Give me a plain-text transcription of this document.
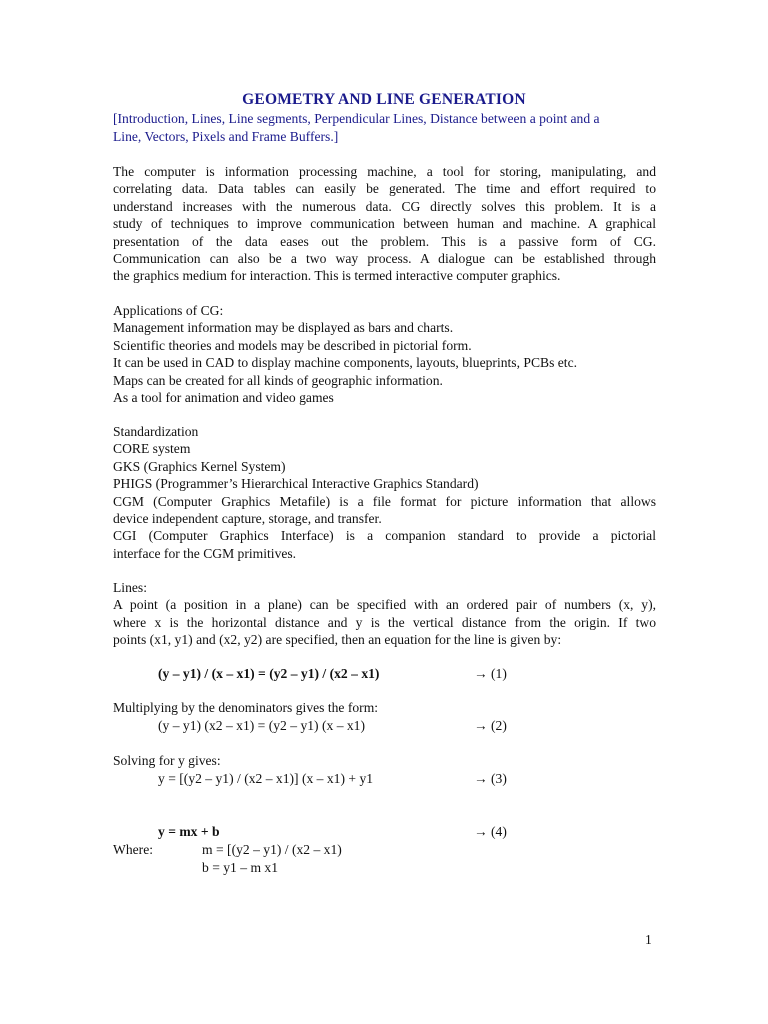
GEOMETRY AND LINE GENERATION
[Introduction, Lines, Line segments, Perpendicular Lines, Distance between a point and a
Line, Vectors, Pixels and Frame Buffers.]
The computer is information processing machine, a tool for storing, manipulating, and
correlating data. Data tables can easily be generated. The time and effort required to
understand increases with the numerous data. CG directly solves this problem. It is a
study of techniques to improve communication between human and machine. A graphical
presentation of the data eases out the problem. This is a passive form of CG.
Communication can also be a two way process. A dialogue can be established through
the graphics medium for interaction. This is termed interactive computer graphics.
Applications of CG:
Management information may be displayed as bars and charts.
Scientific theories and models may be described in pictorial form.
It can be used in CAD to display machine components, layouts, blueprints, PCBs etc.
Maps can be created for all kinds of geographic information.
As a tool for animation and video games
Standardization
CORE system
GKS (Graphics Kernel System)
PHIGS (Programmer’s Hierarchical Interactive Graphics Standard)
CGM (Computer Graphics Metafile) is a file format for picture information that allows
device independent capture, storage, and transfer.
CGI (Computer Graphics Interface) is a companion standard to provide a pictorial
interface for the CGM primitives.
Lines:
A point (a position in a plane) can be specified with an ordered pair of numbers (x, y),
where x is the horizontal distance and y is the vertical distance from the origin. If two
points (x1, y1) and (x2, y2) are specified, then an equation for the line is given by:
(y – y1) / (x – x1) = (y2 – y1) / (x2 – x1)	→ (1)
Multiplying by the denominators gives the form:
(y – y1) (x2 – x1) = (y2 – y1) (x – x1)	→ (2)
Solving for y gives:
y = [(y2 – y1) / (x2 – x1)] (x – x1) + y1	→ (3)
y = mx + b	→ (4)
Where:	m = [(y2 – y1) / (x2 – x1)
b = y1 – m x1
1
